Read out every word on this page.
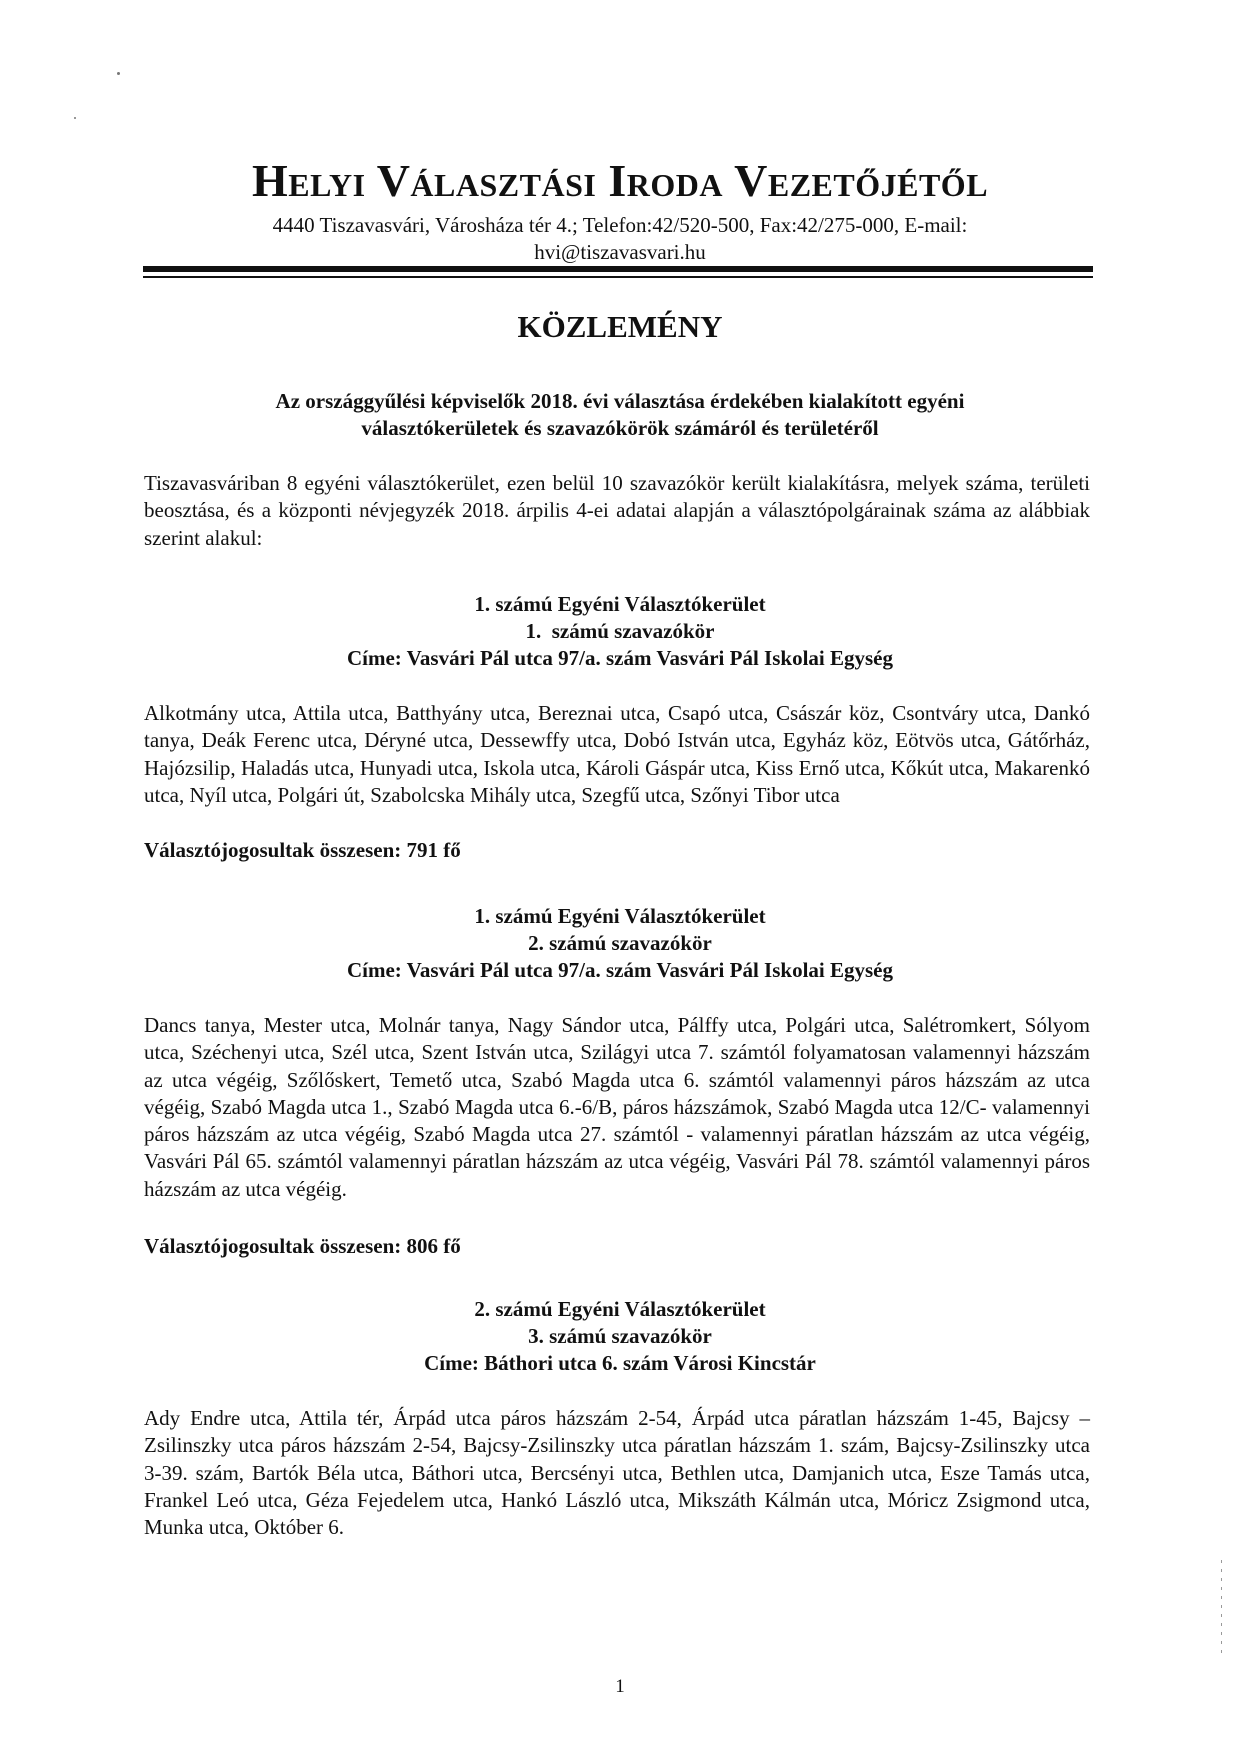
Helyi Választási Iroda Vezetőjétől
4440 Tiszavasvári, Városháza tér 4.; Telefon:42/520-500, Fax:42/275-000, E-mail:
hvi@tiszavasvari.hu
KÖZLEMÉNY
Az országgyűlési képviselők 2018. évi választása érdekében kialakított egyéni
választókerületek és szavazókörök számáról és területéről
Tiszavasváriban 8 egyéni választókerület, ezen belül 10 szavazókör került kialakításra, melyek száma, területi beosztása, és a központi névjegyzék 2018. árpilis 4-ei adatai alapján a választópolgárainak száma az alábbiak szerint alakul:
1. számú Egyéni Választókerület
1.  számú szavazókör
Címe: Vasvári Pál utca 97/a. szám Vasvári Pál Iskolai Egység
Alkotmány utca, Attila utca, Batthyány utca, Bereznai utca, Csapó utca, Császár köz, Csontváry utca, Dankó tanya, Deák Ferenc utca, Déryné utca, Dessewffy utca, Dobó István utca, Egyház köz, Eötvös utca, Gátőrház, Hajózsilip, Haladás utca, Hunyadi utca, Iskola utca, Károli Gáspár utca, Kiss Ernő utca, Kőkút utca, Makarenkó utca, Nyíl utca, Polgári út, Szabolcska Mihály utca, Szegfű utca, Szőnyi Tibor utca
Választójogosultak összesen: 791 fő
1. számú Egyéni Választókerület
2. számú szavazókör
Címe: Vasvári Pál utca 97/a. szám Vasvári Pál Iskolai Egység
Dancs tanya, Mester utca, Molnár tanya, Nagy Sándor utca, Pálffy utca, Polgári utca, Salétromkert, Sólyom utca, Széchenyi utca, Szél utca, Szent István utca, Szilágyi utca 7. számtól folyamatosan valamennyi házszám az utca végéig, Szőlőskert, Temető utca, Szabó Magda utca 6. számtól valamennyi páros házszám az utca végéig, Szabó Magda utca 1., Szabó Magda utca 6.-6/B, páros házszámok, Szabó Magda utca 12/C- valamennyi páros házszám az utca végéig, Szabó Magda utca 27. számtól - valamennyi páratlan házszám az utca végéig, Vasvári Pál 65. számtól valamennyi páratlan házszám az utca végéig, Vasvári Pál 78. számtól valamennyi páros házszám az utca végéig.
Választójogosultak összesen: 806 fő
2. számú Egyéni Választókerület
3. számú szavazókör
Címe: Báthori utca 6. szám Városi Kincstár
Ady Endre utca, Attila tér, Árpád utca páros házszám 2-54, Árpád utca páratlan házszám 1-45, Bajcsy –Zsilinszky utca páros házszám 2-54, Bajcsy-Zsilinszky utca páratlan házszám 1. szám, Bajcsy-Zsilinszky utca 3-39. szám, Bartók Béla utca, Báthori utca, Bercsényi utca, Bethlen utca, Damjanich utca, Esze Tamás utca, Frankel Leó utca, Géza Fejedelem utca, Hankó László utca, Mikszáth Kálmán utca, Móricz Zsigmond utca, Munka utca, Október 6.
1
